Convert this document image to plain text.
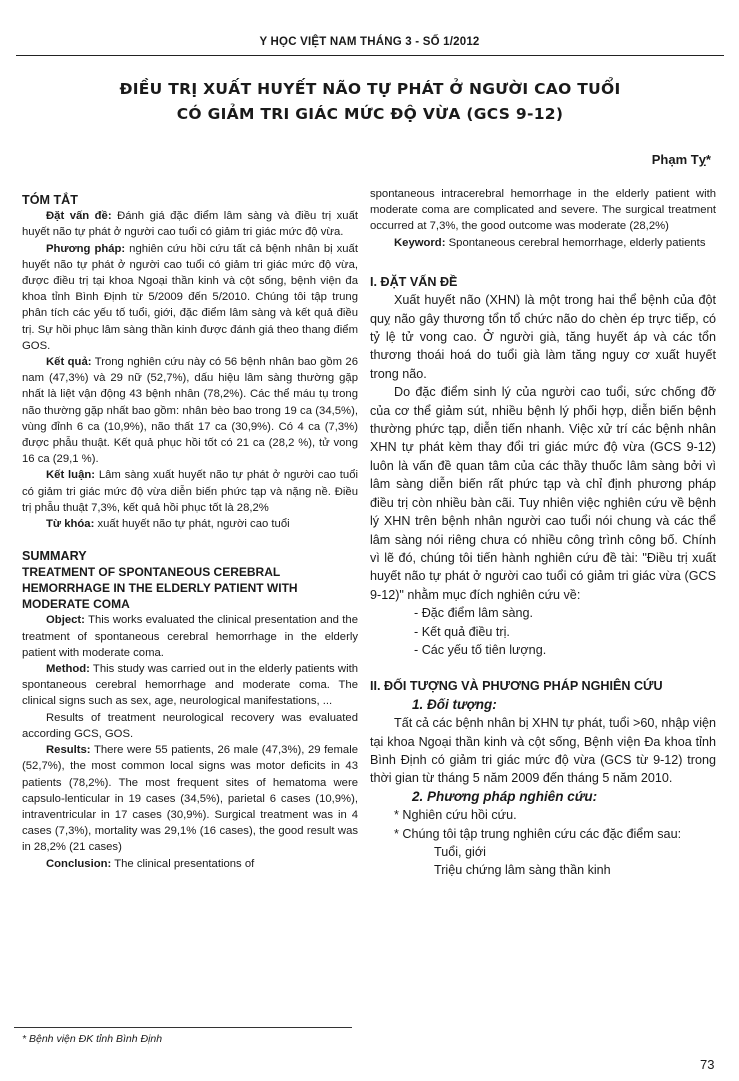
Y HỌC VIỆT NAM THÁNG 3 - SỐ 1/2012
ĐIỀU TRỊ XUẤT HUYẾT NÃO TỰ PHÁT Ở NGƯỜI CAO TUỔI
CÓ GIẢM TRI GIÁC MỨC ĐỘ VỪA (GCS 9-12)
Phạm Tỵ*

TÓM TẮT

Đặt vấn đề: Đánh giá đặc điểm lâm sàng và điều trị xuất huyết não tự phát ở người cao tuổi có giảm tri giác mức độ vừa.

Phương pháp: nghiên cứu hồi cứu tất cả bệnh nhân bị xuất huyết não tự phát ở người cao tuổi có giảm tri giác mức độ vừa, được điều trị tại khoa Ngoại thần kinh và cột sống, bệnh viện đa khoa tỉnh Bình Định từ 5/2009 đến 5/2010. Chúng tôi tập trung phân tích các yếu tố tuổi, giới, đặc điểm lâm sàng và kết quả điều trị. Sự hồi phục lâm sàng thần kinh được đánh giá theo thang điểm GOS.

Kết quả: Trong nghiên cứu này có 56 bệnh nhân bao gồm 26 nam (47,3%) và 29 nữ (52,7%), dấu hiệu lâm sàng thường gặp nhất là liệt vận động 43 bệnh nhân (78,2%). Các thể máu tụ trong não thường gặp nhất bao gồm: nhân bèo bao trong 19 ca (34,5%), vùng đỉnh 6 ca (10,9%), não thất 17 ca (30,9%). Có 4 ca (7,3%) được phẫu thuật. Kết quả phục hồi tốt có 21 ca (28,2 %), tử vong 16 ca (29,1 %).

Kết luận: Lâm sàng xuất huyết não tự phát ở người cao tuổi có giảm tri giác mức độ vừa diễn biến phức tạp và nặng nề. Điều trị phẫu thuật 7,3%, kết quả hồi phục tốt là 28,2%

Từ khóa: xuất huyết não tự phát, người cao tuổi

SUMMARY

TREATMENT OF SPONTANEOUS CEREBRAL

HEMORRHAGE IN THE ELDERLY PATIENT WITH

MODERATE COMA

Object: This works evaluated the clinical presentation and the treatment of spontaneous cerebral hemorrhage in the elderly patient with moderate coma.

Method: This study was carried out in the elderly patients with spontaneous cerebral hemorrhage and moderate coma. The clinical signs such as sex, age, neurological manifestations, ...

Results of treatment neurological recovery was evaluated according GCS, GOS.

Results: There were 55 patients, 26 male (47,3%), 29 female (52,7%), the most common local signs was motor deficits in 43 patients (78,2%). The most frequent sites of hematoma were capsulo-lenticular in 19 cases (34,5%), parietal 6 cases (10,9%), intraventricular in 17 cases (30,9%). Surgical treatment was in 4 cases (7,3%), mortality was 29,1% (16 cases), the good result was in 28,2% (21 cases)

Conclusion: The clinical presentations of

spontaneous intracerebral hemorrhage in the elderly patient with moderate coma are complicated and severe. The surgical treatment occurred at 7,3%, the good outcome was moderate (28,2%)

Keyword: Spontaneous cerebral hemorrhage, elderly patients

I. ĐẶT VẤN ĐỀ

Xuất huyết não (XHN) là một trong hai thể bệnh của đột quỵ não gây thương tổn tổ chức não do chèn ép trực tiếp, có tỷ lệ tử vong cao. Ở người già, tăng huyết áp và các tổn thương thoái hoá do tuổi già làm tăng nguy cơ xuất huyết trong não.

Do đặc điểm sinh lý của người cao tuổi, sức chống đỡ của cơ thể giảm sút, nhiều bệnh lý phối hợp, diễn biến bệnh thường phức tạp, diễn tiến nhanh. Việc xử trí các bệnh nhân XHN tự phát kèm thay đổi tri giác mức độ vừa (GCS 9-12) luôn là vấn đề quan tâm của các thầy thuốc lâm sàng bởi vì lâm sàng diễn biến rất phức tạp và chỉ định phương pháp điều trị còn nhiều bàn cãi. Tuy nhiên việc nghiên cứu về bệnh lý XHN trên bệnh nhân người cao tuổi nói chung và các thể lâm sàng nói riêng chưa có nhiều công trình công bố. Chính vì lẽ đó, chúng tôi tiến hành nghiên cứu đề tài: "Điều trị xuất huyết não tự phát ở người cao tuổi có giảm tri giác vừa (GCS 9-12)" nhằm mục đích nghiên cứu về:

- Đặc điểm lâm sàng.

- Kết quả điều trị.

- Các yếu tố tiên lượng.

II. ĐỐI TƯỢNG VÀ PHƯƠNG PHÁP NGHIÊN CỨU

1. Đối tượng:

Tất cả các bệnh nhân bị XHN tự phát, tuổi >60, nhập viện tại khoa Ngoại thần kinh và cột sống, Bệnh viện Đa khoa tỉnh Bình Định có giảm tri giác mức độ vừa (GCS từ 9-12) trong thời gian từ tháng 5 năm 2009 đến tháng 5 năm 2010.

2. Phương pháp nghiên cứu:

* Nghiên cứu hồi cứu.

* Chúng tôi tập trung nghiên cứu các đặc điểm sau:

Tuổi, giới

Triệu chứng lâm sàng thần kinh

* Bệnh viện ĐK tỉnh Bình Định
73
